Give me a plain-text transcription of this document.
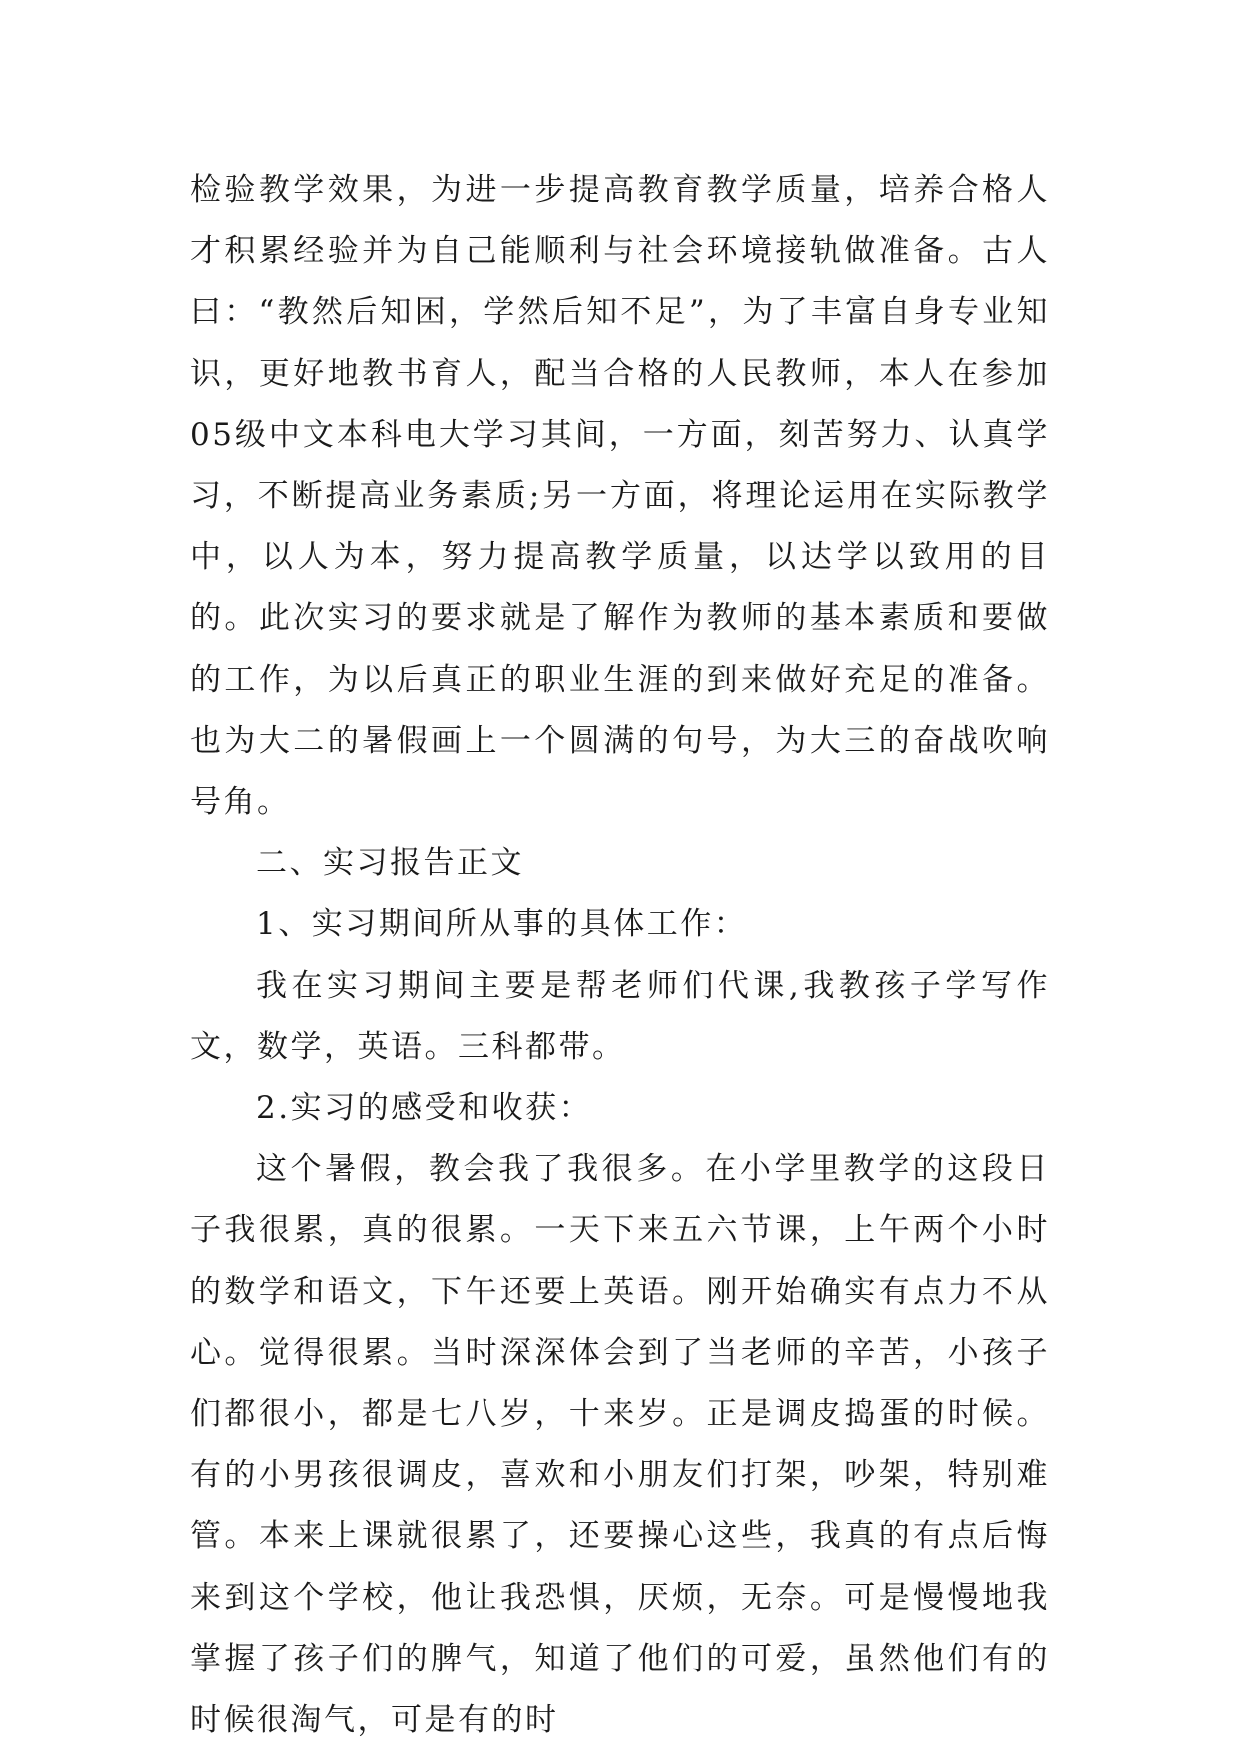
检验教学效果，为进一步提高教育教学质量，培养合格人才积累经验并为自己能顺利与社会环境接轨做准备。古人曰：“教然后知困，学然后知不足”，为了丰富自身专业知识，更好地教书育人，配当合格的人民教师，本人在参加05级中文本科电大学习其间，一方面，刻苦努力、认真学习，不断提高业务素质;另一方面，将理论运用在实际教学中，以人为本，努力提高教学质量，以达学以致用的目的。此次实习的要求就是了解作为教师的基本素质和要做的工作，为以后真正的职业生涯的到来做好充足的准备。也为大二的暑假画上一个圆满的句号，为大三的奋战吹响号角。

二、实习报告正文

1、实习期间所从事的具体工作：

我在实习期间主要是帮老师们代课,我教孩子学写作文，数学，英语。三科都带。

2.实习的感受和收获：

这个暑假，教会我了我很多。在小学里教学的这段日子我很累，真的很累。一天下来五六节课，上午两个小时的数学和语文，下午还要上英语。刚开始确实有点力不从心。觉得很累。当时深深体会到了当老师的辛苦，小孩子们都很小，都是七八岁，十来岁。正是调皮捣蛋的时候。有的小男孩很调皮，喜欢和小朋友们打架，吵架，特别难管。本来上课就很累了，还要操心这些，我真的有点后悔来到这个学校，他让我恐惧，厌烦，无奈。可是慢慢地我掌握了孩子们的脾气，知道了他们的可爱，虽然他们有的时候很淘气，可是有的时
